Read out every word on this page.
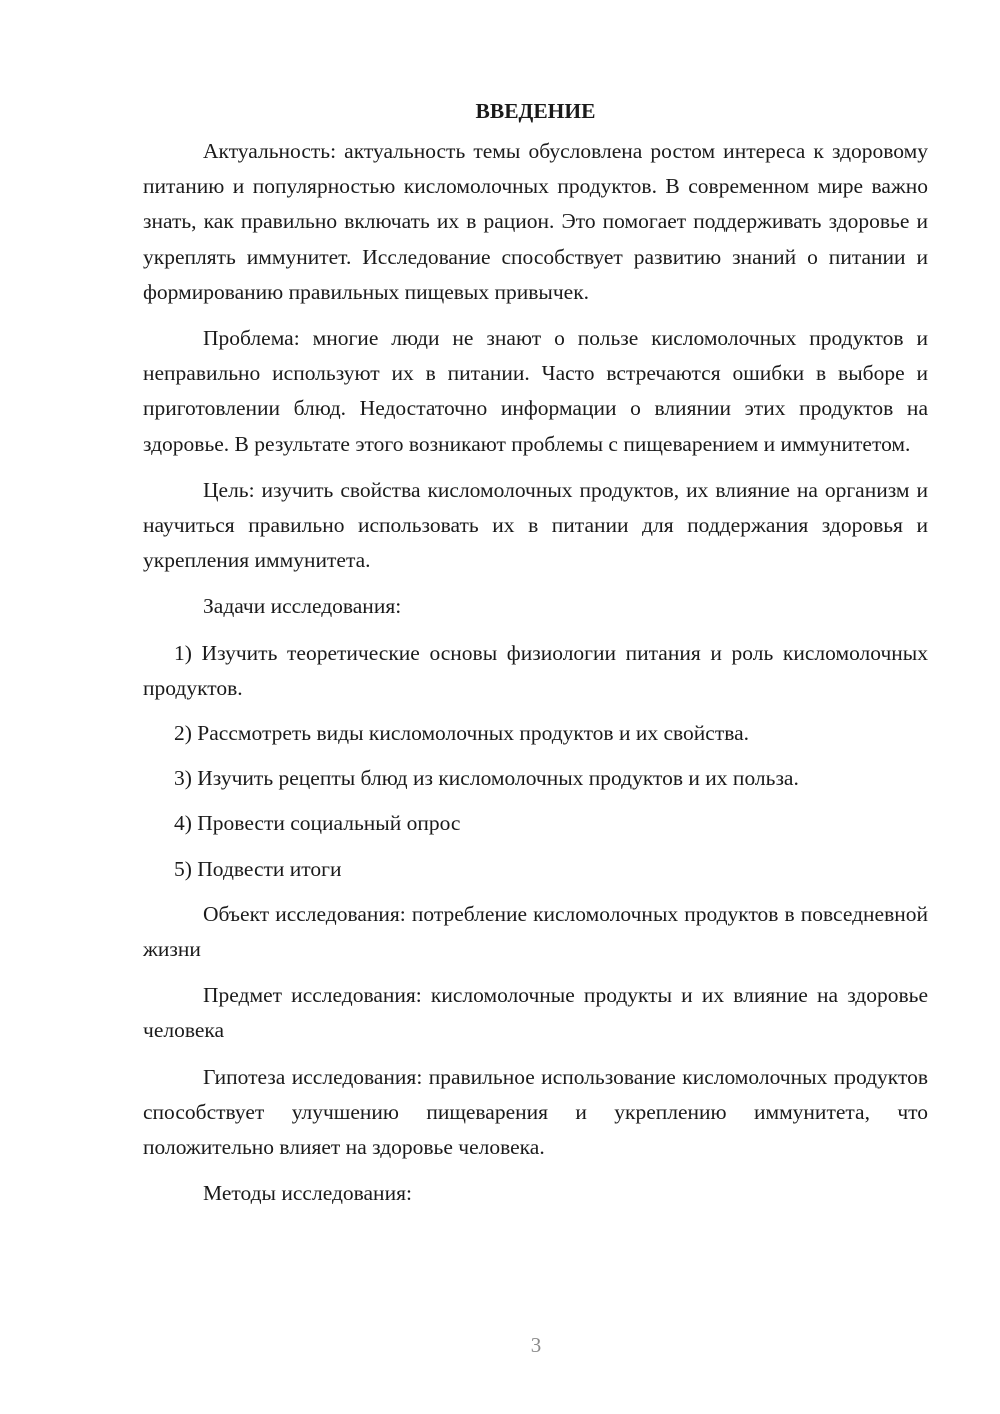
ВВЕДЕНИЕ

Актуальность: актуальность темы обусловлена ростом интереса к здоровому питанию и популярностью кисломолочных продуктов. В современном мире важно знать, как правильно включать их в рацион. Это помогает поддерживать здоровье и укреплять иммунитет. Исследование способствует развитию знаний о питании и формированию правильных пищевых привычек.

Проблема: многие люди не знают о пользе кисломолочных продуктов и неправильно используют их в питании. Часто встречаются ошибки в выборе и приготовлении блюд. Недостаточно информации о влиянии этих продуктов на здоровье. В результате этого возникают проблемы с пищеварением и иммунитетом.

Цель: изучить свойства кисломолочных продуктов, их влияние на организм и научиться правильно использовать их в питании для поддержания здоровья и укрепления иммунитета.

Задачи исследования:

1) Изучить теоретические основы физиологии питания и роль кисломолочных продуктов.

2) Рассмотреть виды кисломолочных продуктов и их свойства.

3) Изучить рецепты блюд из кисломолочных продуктов и их польза.

4) Провести социальный опрос

5) Подвести итоги

Объект исследования: потребление кисломолочных продуктов в повседневной жизни

Предмет исследования: кисломолочные продукты и их влияние на здоровье человека

Гипотеза исследования: правильное использование кисломолочных продуктов способствует улучшению пищеварения и укреплению иммунитета, что положительно влияет на здоровье человека.

Методы исследования:

3
